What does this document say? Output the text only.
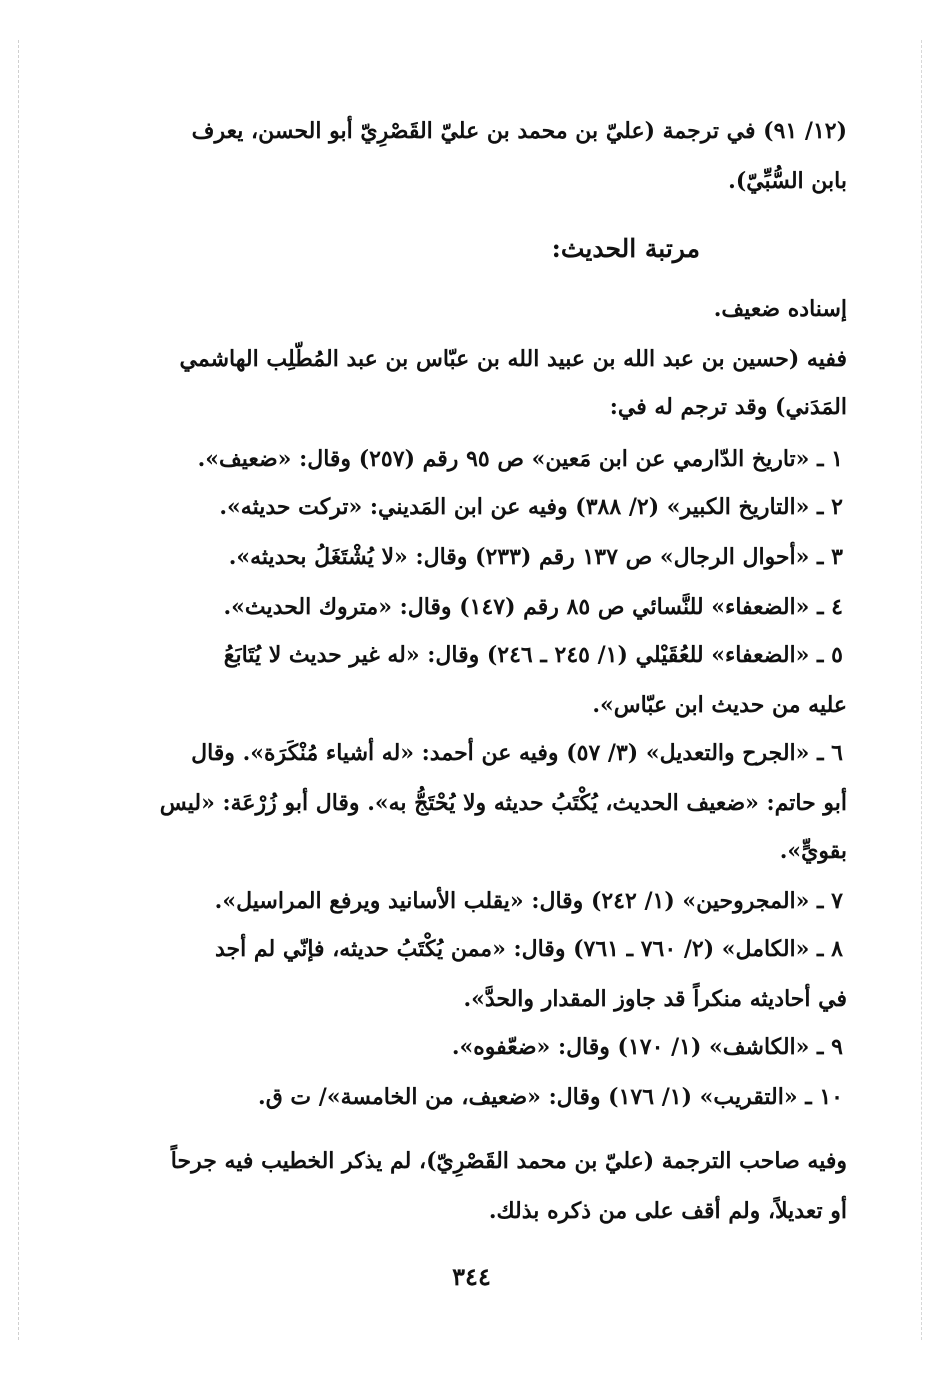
(١٢/ ٩١) في ترجمة (عليّ بن محمد بن عليّ القَصْرِيّ أبو الحسن، يعرف
بابن السُّبِّيّ).
مرتبة الحديث:
إسناده ضعيف.
ففيه (حسين بن عبد الله بن عبيد الله بن عبّاس بن عبد المُطّلِب الهاشمي
المَدَني) وقد ترجم له في:
١ ـ «تاريخ الدّارمي عن ابن مَعين» ص ٩٥ رقم (٢٥٧) وقال: «ضعيف».
٢ ـ «التاريخ الكبير» (٢/ ٣٨٨) وفيه عن ابن المَديني: «تركت حديثه».
٣ ـ «أحوال الرجال» ص ١٣٧ رقم (٢٣٣) وقال: «لا يُشْتَغَلُ بحديثه».
٤ ـ «الضعفاء» للنَّسائي ص ٨٥ رقم (١٤٧) وقال: «متروك الحديث».
٥ ـ «الضعفاء» للعُقَيْلي (١/ ٢٤٥ ـ ٢٤٦) وقال: «له غير حديث لا يُتَابَعُ
عليه من حديث ابن عبّاس».
٦ ـ «الجرح والتعديل» (٣/ ٥٧) وفيه عن أحمد: «له أشياء مُنْكَرَة». وقال
أبو حاتم: «ضعيف الحديث، يُكْتَبُ حديثه ولا يُحْتَجُّ به». وقال أبو زُرْعَة: «ليس
بقويٍّ».
٧ ـ «المجروحين» (١/ ٢٤٢) وقال: «يقلب الأسانيد ويرفع المراسيل».
٨ ـ «الكامل» (٢/ ٧٦٠ ـ ٧٦١) وقال: «ممن يُكْتَبُ حديثه، فإنّي لم أجد
في أحاديثه منكراً قد جاوز المقدار والحدَّ».
٩ ـ «الكاشف» (١/ ١٧٠) وقال: «ضعّفوه».
١٠ ـ «التقريب» (١/ ١٧٦) وقال: «ضعيف، من الخامسة»/ ت ق.
وفيه صاحب الترجمة (عليّ بن محمد القَصْرِيّ)، لم يذكر الخطيب فيه جرحاً
أو تعديلاً، ولم أقف على من ذكره بذلك.
٣٤٤
